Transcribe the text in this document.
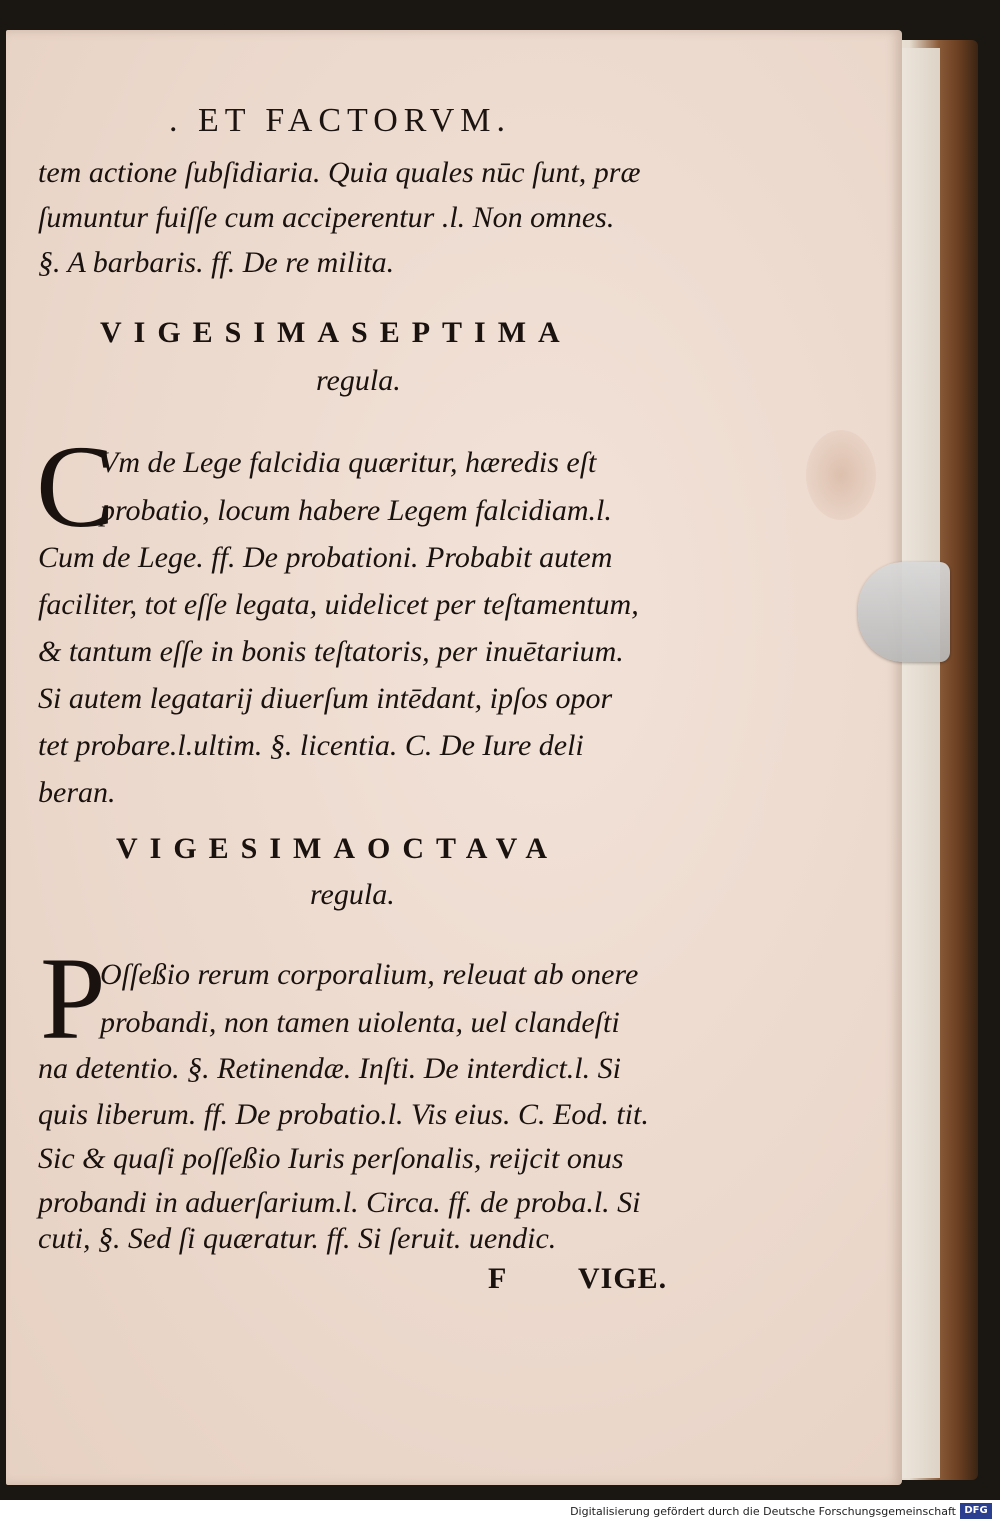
. ET FACTORVM.
tem actione ſubſidiaria. Quia quales nūc ſunt, præ
ſumuntur fuiſſe cum acciperentur .l. Non omnes.
§. A barbaris. ff. De re milita.
VIGESIMASEPTIMA
regula.
C
Vm de Lege falcidia quæritur, hæredis eſt
probatio, locum habere Legem falcidiam.l.
Cum de Lege. ff. De probationi. Probabit autem
faciliter, tot eſſe legata, uidelicet per teſtamentum,
& tantum eſſe in bonis teſtatoris, per inuētarium.
Si autem legatarij diuerſum intēdant, ipſos opor
tet probare.l.ultim. §. licentia. C. De Iure deli
beran.
VIGESIMAOCTAVA
regula.
P
Oſſeßio rerum corporalium, releuat ab onere
probandi, non tamen uiolenta, uel clandeſti
na detentio. §. Retinendæ. Inſti. De interdict.l. Si
quis liberum. ff. De probatio.l. Vis eius. C. Eod. tit.
Sic & quaſi poſſeßio Iuris perſonalis, reijcit onus
probandi in aduerſarium.l. Circa. ff. de proba.l. Si
cuti, §. Sed ſi quæratur. ff. Si ſeruit. uendic.
F VIGE.
Digitalisierung gefördert durch die Deutsche Forschungsgemeinschaft DFG
